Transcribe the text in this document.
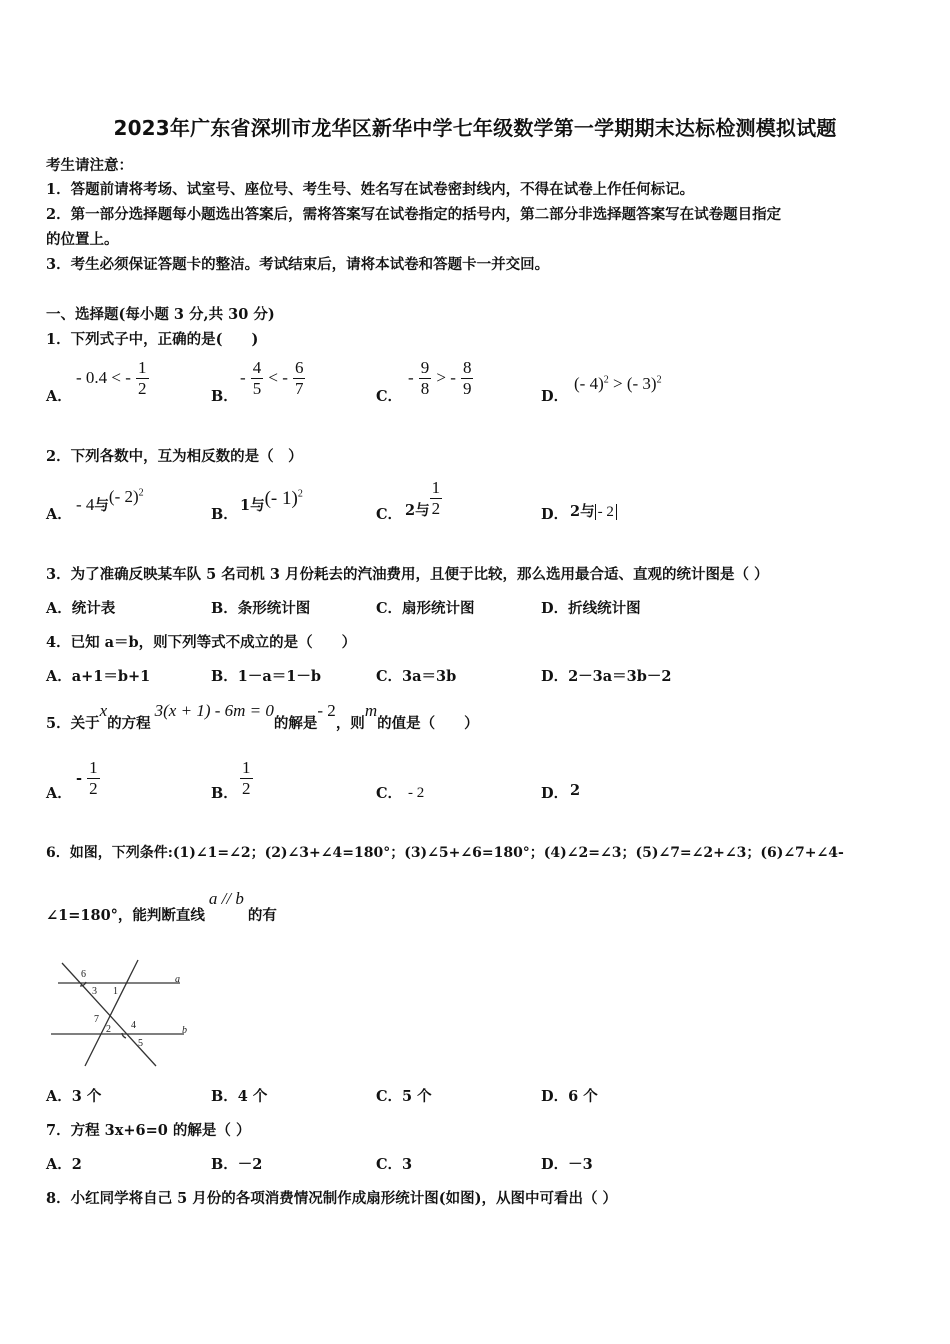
2023年广东省深圳市龙华区新华中学七年级数学第一学期期末达标检测模拟试题
考生请注意：
1．答题前请将考场、试室号、座位号、考生号、姓名写在试卷密封线内，不得在试卷上作任何标记。
2．第一部分选择题每小题选出答案后，需将答案写在试卷指定的括号内，第二部分非选择题答案写在试卷题目指定
的位置上。
3．考生必须保证答题卡的整洁。考试结束后，请将本试卷和答题卡一并交回。
一、选择题(每小题 3 分,共 30 分)
1．下列式子中，正确的是(　　)
A．
- 0.4 < - $\frac{1}{2}$	B．
- $\frac{4}{5}$ < - $\frac{6}{7}$	C．
- $\frac{9}{8}$ > - $\frac{8}{9}$	D．
(- 4)$^2$ > (- 3)$^2$
2．下列各数中，互为相反数的是（　）
A．
- 4与(- 2)$^2$
B．
1与(- 1)$^2$
C． 2与 $\frac{1}{2}$	D． 2与 - 2
3．为了准确反映某车队 5 名司机 3 月份耗去的汽油费用，且便于比较，那么选用最合适、直观的统计图是（ ）
A．统计表	B．条形统计图	C．扇形统计图	D．折线统计图
4．已知 a＝b，则下列等式不成立的是（　　）
A．a+1＝b+1	B．1－a＝1－b	C．3a＝3b	D．2－3a＝3b－2
5．关于x的方程3(x + 1) - 6m = 0的解是- 2，则m的值是（　　）
A．
- $\frac{1}{2}$	B． $\frac{1}{2}$	C． - 2	D． 2
6．如图，下列条件:(1)∠1=∠2；(2)∠3+∠4=180°；(3)∠5+∠6=180°；(4)∠2=∠3；(5)∠7=∠2+∠3；(6)∠7+∠4-
∠1=180°，能判断直线a // b的有
6
3 1
a
7
4
2
5
b
A．3 个	B．4 个	C．5 个	D．6 个
7．方程 3x+6=0 的解是（ ）
A．2	B．－2	C．3	D．－3
8．小红同学将自己 5 月份的各项消费情况制作成扇形统计图(如图)，从图中可看出（ ）
